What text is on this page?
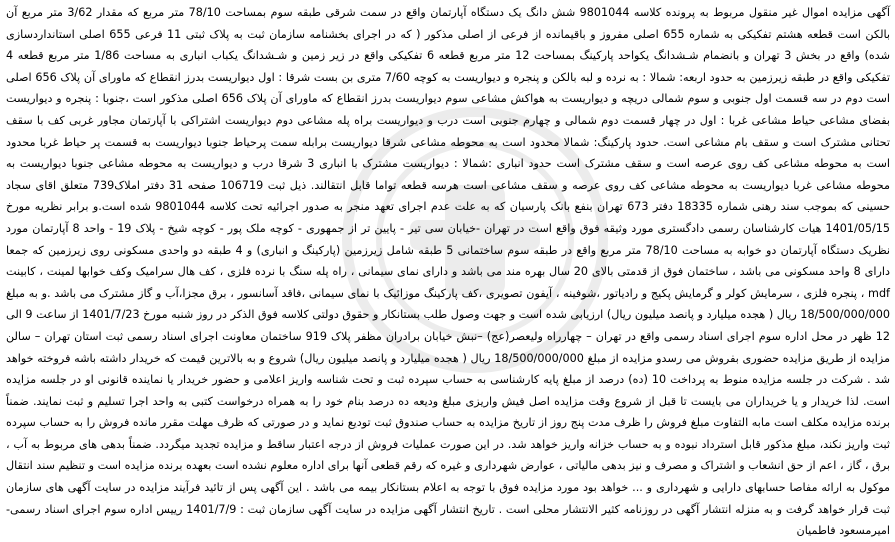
آگهی مزایده اموال غیر منقول مربوط به پرونده کلاسه 9801044 شش دانگ یک دستگاه آپارتمان واقع در سمت شرقی طبقه سوم بمساحت 78/10 متر مربع که مقدار 3/62 متر مربع آن بالکن است قطعه هشتم تفکیکی به شماره 655 اصلی مفروز و باقیمانده از فرعی از اصلی مذکور ( که در اجرای بخشنامه سازمان ثبت به پلاک ثبتی 11 فرعی 655 اصلی استانداردسازی شده) واقع در بخش 3 تهران و بانضمام شـشدانگ یکواحد پارکینگ بمساحت 12 متر مربع قطعه 6 تفکیکی واقع در زیر زمین و شـشدانگ یکباب انباری به مساحت 1/86 متر مربع قطعه 4 تفکیکی واقع در طبقه زیرزمین به حدود اربعه: شمالا : به نرده و لبه بالکن و پنجره و دیواریست به کوچه 7/60 متری بن بست شرقا : اول دیواریست بدرز انقطاع که ماورای آن پلاک 656 اصلی است دوم در سه قسمت اول جنوبی و سوم شمالی دریچه و دیواریست به هواکش مشاعی سوم دیواریست بدرز انقطاع که ماورای آن پلاک 656 اصلی مذکور است ،جنوبا : پنجره و دیواریست بفضای مشاعی حیاط مشاعی غربا : اول در چهار قسمت دوم شمالی و چهارم جنوبی است درب و دیواریست براه پله مشاعی دوم دیواریست اشتراکی با آپارتمان مجاور غربی کف با سقف تحتانی مشترک است و سقف بام مشاعی است. حدود پارکینگ: شمالا محدود است به محوطه مشاعی شرقا دیواریست برابله سمت پرحیاط جنوبا دیواریست به قسمت پر حیاط غربا محدود است به محوطه مشاعی کف روی عرصه است و سقف مشترک است حدود انباری :شمالا : دیواریست مشترک با انباری 3 شرقا درب و دیواریست به محوطه مشاعی جنوبا دیواریست به محوطه مشاعی غربا دیواریست به محوطه مشاعی کف روی عرصه و سقف مشاعی است هرسه قطعه تواما قابل انتقالند. ذیل ثبت 106719 صفحه 31 دفتر املاک739 متعلق اقای سجاد حسینی که بموجب سند رهنی شماره 18335 دفتر 673 تهران بنفع بانک پارسیان که به علت عدم اجرای تعهد منجر به صدور اجرائیه تحت کلاسه 9801044 شده است.و برابر نظریه مورخ 1401/05/15 هیات کارشناسان رسمی دادگستری مورد وثیقه فوق واقع است در تهران -خیابان سی تیر - پایین تر از جمهوری - کوچه ملک پور - کوچه شیخ - پلاک 19 - واحد 8 آپارتمان مورد نظریک دستگاه آپارتمان دو خوابه به مساحت 78/10 متر مربع واقع در طبقه سوم ساختمانی 5 طبقه شامل زیرزمین (پارکینگ و انباری) و 4 طبقه دو واحدی مسکونی روی زیرزمین که جمعا دارای 8 واحد مسکونی می باشد ، ساختمان فوق از قدمتی بالای 20 سال بهره مند می باشد و دارای نمای سیمانی ، راه پله سنگ با نرده فلزی ، کف هال سرامیک وکف خوابها لمینت ، کابینت mdf ، پنجره فلزی ، سرمایش کولر و گرمایش پکیج و رادیاتور ،شوفینه ، آیفون تصویری ،کف پارکینگ موزائیک با نمای سیمانی ،فاقد آسانسور ، برق مجزا،آب و گاز مشترک می باشد .و به مبلغ 18/500/000/000 ریال ( هجده میلیارد و پانصد میلیون ریال) ارزیابی شده است و جهت وصول طلب بستانکار و حقوق دولتی کلاسه فوق الذکر در روز شنبه مورخ 1401/7/23 از ساعت 9 الی 12 ظهر در محل اداره سوم اجرای اسناد رسمی واقع در تهران – چهارراه ولیعصر(عج) –نبش خیابان برادران مظفر پلاک 919 ساختمان معاونت اجرای اسناد رسمی ثبت استان تهران – سالن مزایده از طریق مزایده حضوری بفروش می رسدو مزایده از مبلغ 18/500/000/000 ریال ( هجده میلیارد و پانصد میلیون ریال) شروع و به بالاترین قیمت که خریدار داشته باشه فروخته خواهد شد . شرکت در جلسه مزایده منوط به پرداخت 10 (ده) درصد از مبلغ پایه کارشناسی به حساب سپرده ثبت و تحت شناسه واریز اعلامی و حضور خریدار یا نماینده قانونی او در جلسه مزایده است. لذا خریدار و یا خریداران می بایست تا قبل از شروع وقت مزایده اصل فیش واریزی مبلغ ودیعه ده درصد بنام خود را به همراه درخواست کتبی به واحد اجرا تسلیم و ثبت نمایند. ضمناً برنده مزایده مکلف است مابه التفاوت مبلغ فروش را ظرف مدت پنج روز از تاریخ مزایده به حساب صندوق ثبت تودیع نماید و در صورتی که ظرف مهلت مقرر مانده فروش را به حساب سپرده ثبت واریز نکند، مبلغ مذکور قابل استرداد نبوده و به حساب خزانه واریز خواهد شد. در این صورت عملیات فروش از درجه اعتبار ساقط و مزایده تجدید میگردد. ضمناً بدهی های مربوط به آب ، برق ، گاز ، اعم از حق انشعاب و اشتراک و مصرف و نیز بدهی مالیاتی ، عوارض شهرداری و غیره که رقم قطعی آنها برای اداره معلوم نشده است بعهده برنده مزایده است و تنظیم سند انتقال موکول به ارائه مفاصا حسابهای دارایی و شهرداری و ... خواهد بود مورد مزایده فوق با توجه به اعلام بستانکار بیمه می باشد . این آگهی پس از تائید فرآیند مزایده در سایت آگهی های سازمان ثبت قرار خواهد گرفت و به منزله انتشار آگهی در روزنامه کثیر الانتشار محلی است . تاریخ انتشار آگهی مزایده در سایت آگهی سازمان ثبت : 1401/7/9 رییس اداره سوم اجرای اسناد رسمی- امیرمسعود فاطمیان
